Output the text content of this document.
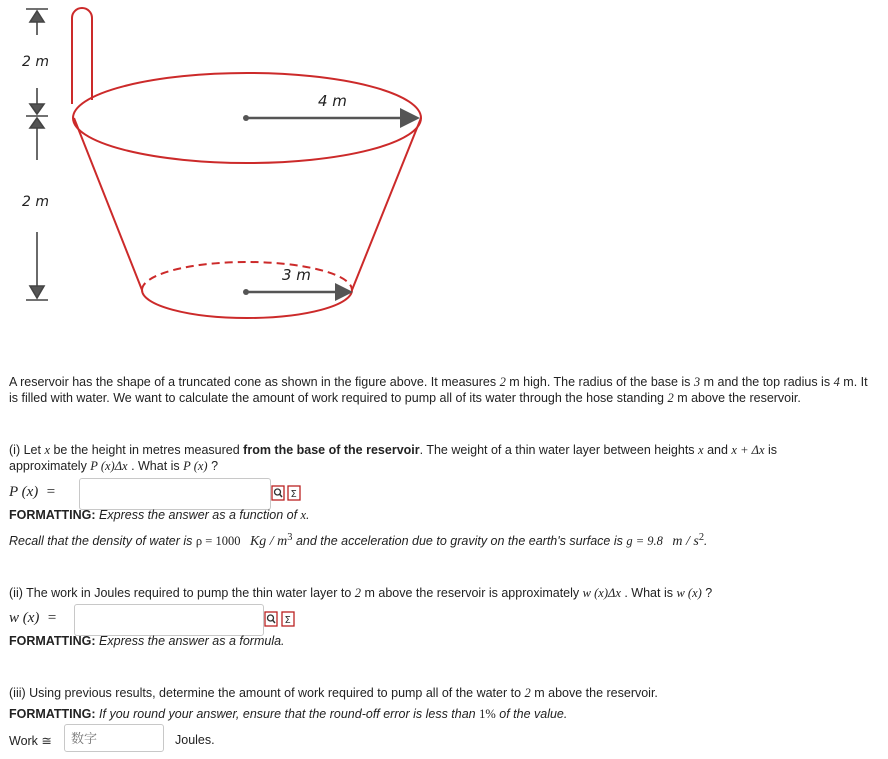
2 m
2 m
4 m
3 m
A reservoir has the shape of a truncated cone as shown in the figure above. It measures 2 m high. The radius of the base is 3 m and the top radius is 4 m. It
is filled with water. We want to calculate the amount of work required to pump all of its water through the hose standing 2 m above the reservoir.
(i) Let x be the height in metres measured from the base of the reservoir. The weight of a thin water layer between heights x and x + Δx is
approximately P (x)Δx . What is P (x) ?
P (x)  =	Σ
FORMATTING: Express the answer as a function of x.
Recall that the density of water is ρ = 1000 Kg / $m^3$ and the acceleration due to gravity on the earth's surface is g = 9.8 m / $s^2$.
(ii) The work in Joules required to pump the thin water layer to 2 m above the reservoir is approximately w (x)Δx . What is w (x) ?
w (x)  =	Σ
FORMATTING: Express the answer as a formula.
(iii) Using previous results, determine the amount of work required to pump all of the water to 2 m above the reservoir.
FORMATTING: If you round your answer, ensure that the round-off error is less than 1% of the value.
Work ≅
数字	Joules.
